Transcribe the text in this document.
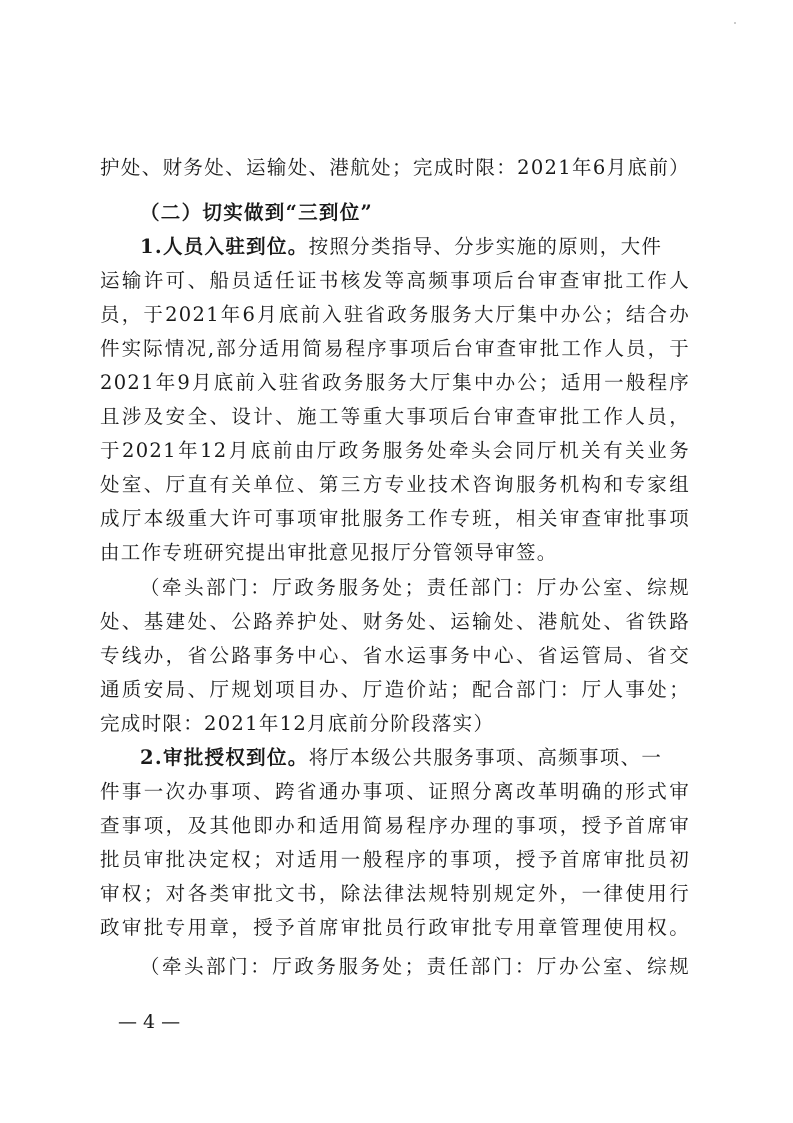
护处、财务处、运输处、港航处；完成时限：2021年6月底前）
（二）切实做到“三到位”
1.人员入驻到位。按照分类指导、分步实施的原则，大件
运输许可、船员适任证书核发等高频事项后台审查审批工作人
员，于2021年6月底前入驻省政务服务大厅集中办公；结合办
件实际情况,部分适用简易程序事项后台审查审批工作人员，于
2021年9月底前入驻省政务服务大厅集中办公；适用一般程序
且涉及安全、设计、施工等重大事项后台审查审批工作人员，
于2021年12月底前由厅政务服务处牵头会同厅机关有关业务
处室、厅直有关单位、第三方专业技术咨询服务机构和专家组
成厅本级重大许可事项审批服务工作专班，相关审查审批事项
由工作专班研究提出审批意见报厅分管领导审签。
（牵头部门：厅政务服务处；责任部门：厅办公室、综规
处、基建处、公路养护处、财务处、运输处、港航处、省铁路
专线办，省公路事务中心、省水运事务中心、省运管局、省交
通质安局、厅规划项目办、厅造价站；配合部门：厅人事处；
完成时限：2021年12月底前分阶段落实）
2.审批授权到位。将厅本级公共服务事项、高频事项、一
件事一次办事项、跨省通办事项、证照分离改革明确的形式审
查事项，及其他即办和适用简易程序办理的事项，授予首席审
批员审批决定权；对适用一般程序的事项，授予首席审批员初
审权；对各类审批文书，除法律法规特别规定外，一律使用行
政审批专用章，授予首席审批员行政审批专用章管理使用权。
（牵头部门：厅政务服务处；责任部门：厅办公室、综规
— 4 —
